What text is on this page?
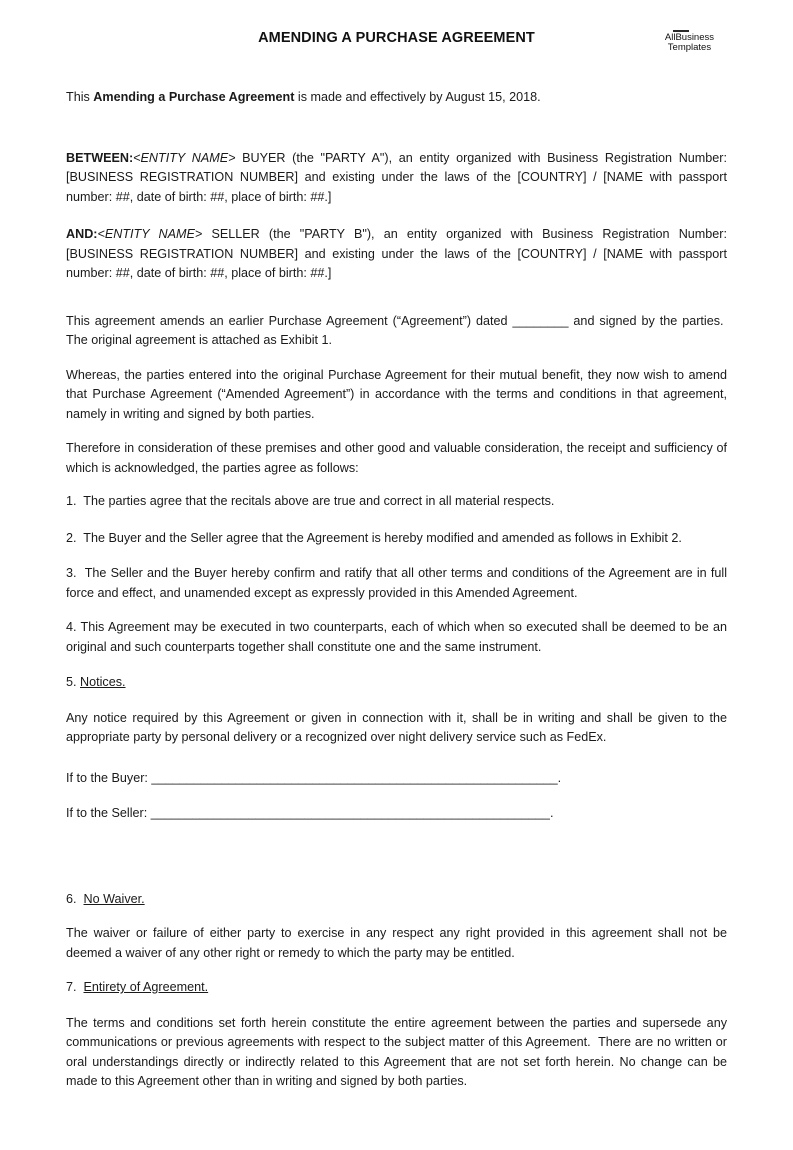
AllBusiness
Templates
AMENDING A PURCHASE AGREEMENT

This Amending a Purchase Agreement is made and effectively by August 15, 2018.

BETWEEN:<ENTITY NAME> BUYER (the "PARTY A"), an entity organized with Business Registration Number: [BUSINESS REGISTRATION NUMBER] and existing under the laws of the [COUNTRY] / [NAME with passport number: ##, date of birth: ##, place of birth: ##.]

AND:<ENTITY NAME> SELLER (the "PARTY B"), an entity organized with Business Registration Number: [BUSINESS REGISTRATION NUMBER] and existing under the laws of the [COUNTRY] / [NAME with passport number: ##, date of birth: ##, place of birth: ##.]

This agreement amends an earlier Purchase Agreement (“Agreement”) dated ________ and signed by the parties.  The original agreement is attached as Exhibit 1.

Whereas, the parties entered into the original Purchase Agreement for their mutual benefit, they now wish to amend that Purchase Agreement (“Amended Agreement”) in accordance with the terms and conditions in that agreement, namely in writing and signed by both parties.

Therefore in consideration of these premises and other good and valuable consideration, the receipt and sufficiency of which is acknowledged, the parties agree as follows:

1.  The parties agree that the recitals above are true and correct in all material respects.

2.  The Buyer and the Seller agree that the Agreement is hereby modified and amended as follows in Exhibit 2.

3.  The Seller and the Buyer hereby confirm and ratify that all other terms and conditions of the Agreement are in full force and effect, and unamended except as expressly provided in this Amended Agreement.

4. This Agreement may be executed in two counterparts, each of which when so executed shall be deemed to be an original and such counterparts together shall constitute one and the same instrument.

5. Notices.

Any notice required by this Agreement or given in connection with it, shall be in writing and shall be given to the appropriate party by personal delivery or a recognized over night delivery service such as FedEx.

If to the Buyer: __________________________________________________________.

If to the Seller: _________________________________________________________.

6.  No Waiver.

The waiver or failure of either party to exercise in any respect any right provided in this agreement shall not be deemed a waiver of any other right or remedy to which the party may be entitled.

7.  Entirety of Agreement.

The terms and conditions set forth herein constitute the entire agreement between the parties and supersede any communications or previous agreements with respect to the subject matter of this Agreement.  There are no written or oral understandings directly or indirectly related to this Agreement that are not set forth herein. No change can be made to this Agreement other than in writing and signed by both parties.
